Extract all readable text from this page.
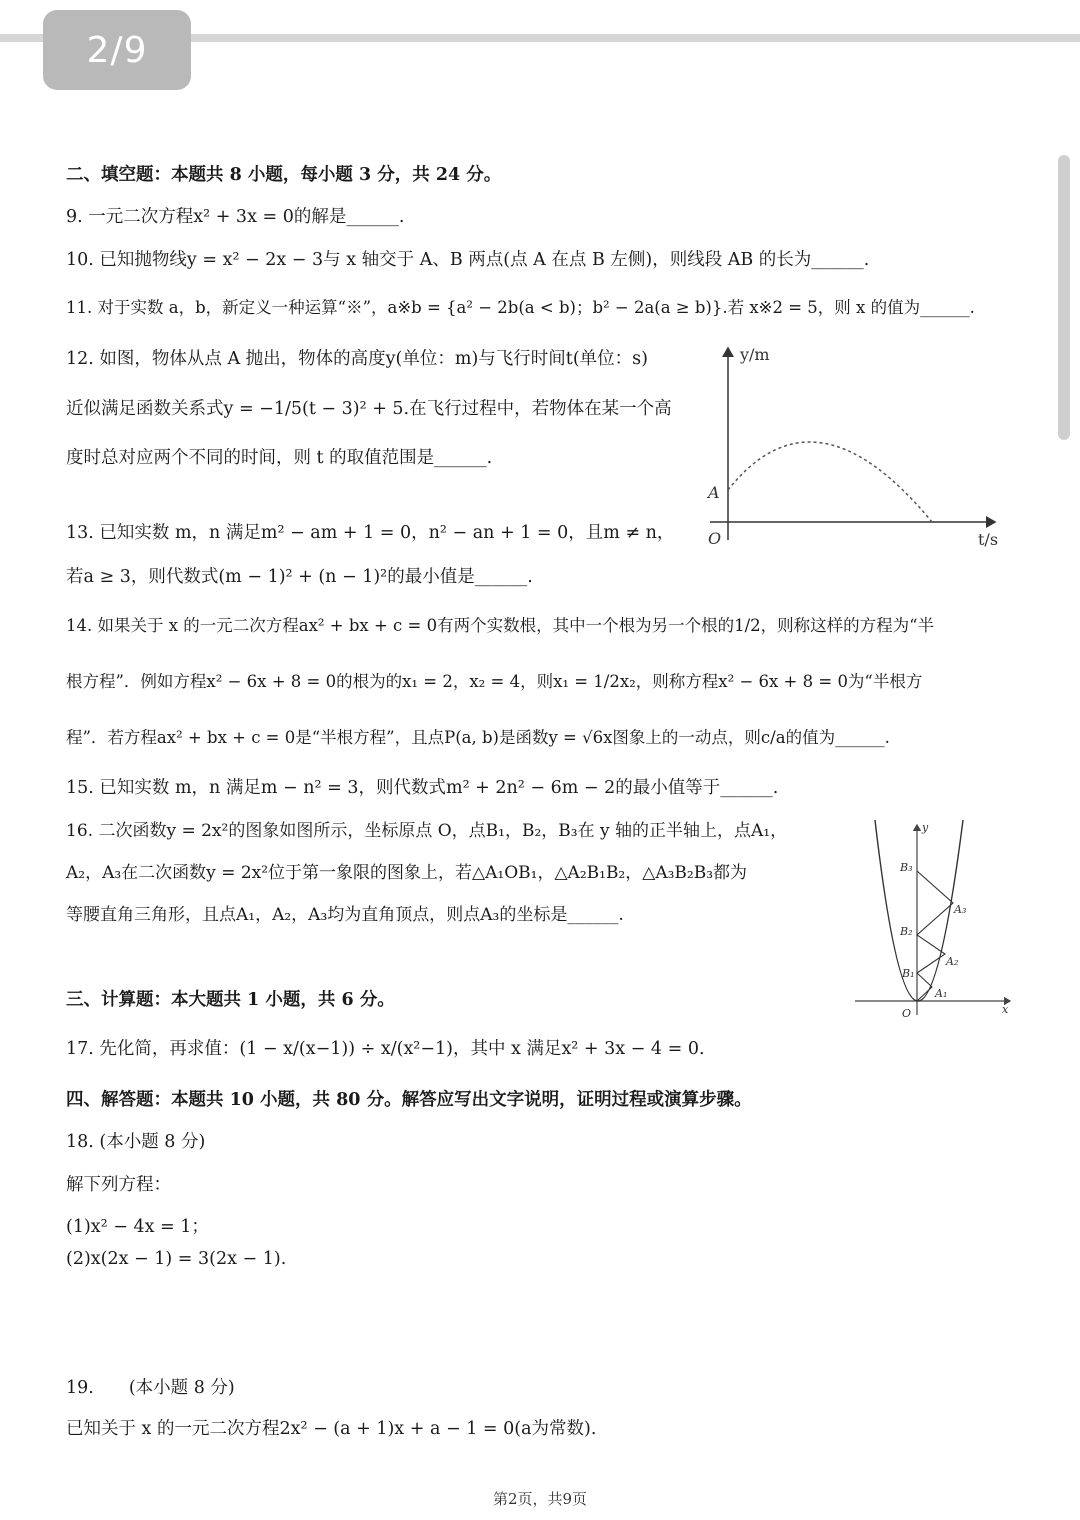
2/9
二、填空题：本题共 8 小题，每小题 3 分，共 24 分。
9. 一元二次方程x² + 3x = 0的解是______.
10. 已知抛物线y = x² − 2x − 3与 x 轴交于 A、B 两点(点 A 在点 B 左侧)，则线段 AB 的长为______.
11. 对于实数 a，b，新定义一种运算“※”，a※b = {a² − 2b(a < b)；b² − 2a(a ≥ b)}.若 x※2 = 5，则 x 的值为______.
12. 如图，物体从点 A 抛出，物体的高度y(单位：m)与飞行时间t(单位：s)
近似满足函数关系式y = −1/5(t − 3)² + 5.在飞行过程中，若物体在某一个高
度时总对应两个不同的时间，则 t 的取值范围是______.
13. 已知实数 m，n 满足m² − am + 1 = 0，n² − an + 1 = 0，且m ≠ n，
若a ≥ 3，则代数式(m − 1)² + (n − 1)²的最小值是______.
14. 如果关于 x 的一元二次方程ax² + bx + c = 0有两个实数根，其中一个根为另一个根的1/2，则称这样的方程为“半
根方程”．例如方程x² − 6x + 8 = 0的根为的x₁ = 2，x₂ = 4，则x₁ = 1/2x₂，则称方程x² − 6x + 8 = 0为“半根方
程”．若方程ax² + bx + c = 0是“半根方程”，且点P(a, b)是函数y = √6x图象上的一动点，则c/a的值为______.
15. 已知实数 m，n 满足m − n² = 3，则代数式m² + 2n² − 6m − 2的最小值等于______.
16. 二次函数y = 2x²的图象如图所示，坐标原点 O，点B₁，B₂，B₃在 y 轴的正半轴上，点A₁，
A₂，A₃在二次函数y = 2x²位于第一象限的图象上，若△A₁OB₁，△A₂B₁B₂，△A₃B₂B₃都为
等腰直角三角形，且点A₁，A₂，A₃均为直角顶点，则点A₃的坐标是______.
三、计算题：本大题共 1 小题，共 6 分。
17. 先化简，再求值：(1 − x/(x−1)) ÷ x/(x²−1)，其中 x 满足x² + 3x − 4 = 0.
四、解答题：本题共 10 小题，共 80 分。解答应写出文字说明，证明过程或演算步骤。
18. (本小题 8 分)
解下列方程：
(1)x² − 4x = 1；
(2)x(2x − 1) = 3(2x − 1).
19.　　(本小题 8 分)
已知关于 x 的一元二次方程2x² − (a + 1)x + a − 1 = 0(a为常数).
第2页，共9页
y/m
t/s
A
O
B₃
A₃
B₂
A₂
B₁
A₁
O
y
x
